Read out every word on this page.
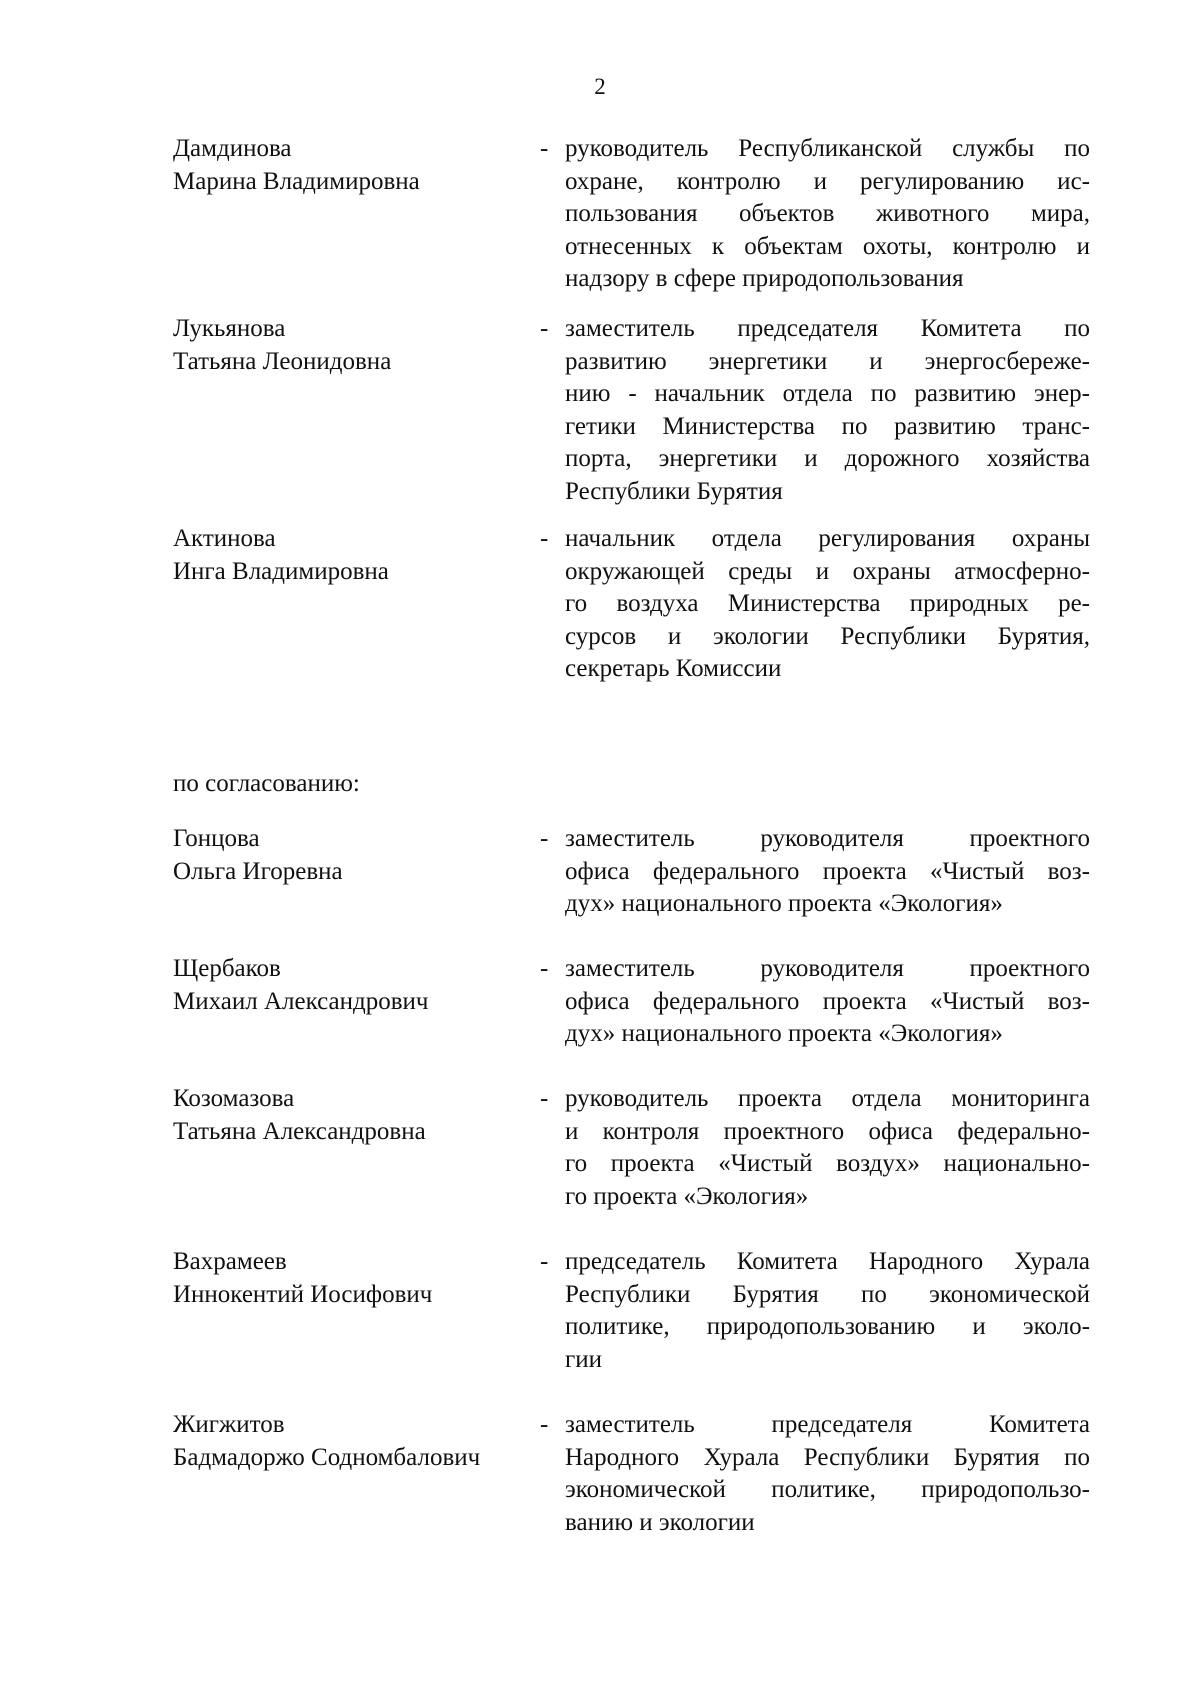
2
Дамдинова
Марина Владимировна
- руководитель Республиканской службы по
охране, контролю и регулированию ис-
пользования объектов животного мира,
отнесенных к объектам охоты, контролю и
надзору в сфере природопользования
Лукьянова
Татьяна Леонидовна
- заместитель председателя Комитета по
развитию энергетики и энергосбереже-
нию - начальник отдела по развитию энер-
гетики Министерства по развитию транс-
порта, энергетики и дорожного хозяйства
Республики Бурятия
Актинова
Инга Владимировна
- начальник отдела регулирования охраны
окружающей среды и охраны атмосферно-
го воздуха Министерства природных ре-
сурсов и экологии Республики Бурятия,
секретарь Комиссии
по согласованию:
Гонцова
Ольга Игоревна
- заместитель руководителя проектного
офиса федерального проекта «Чистый воз-
дух» национального проекта «Экология»
Щербаков
Михаил Александрович
- заместитель руководителя проектного
офиса федерального проекта «Чистый воз-
дух» национального проекта «Экология»
Козомазова
Татьяна Александровна
- руководитель проекта отдела мониторинга
и контроля проектного офиса федерально-
го проекта «Чистый воздух» национально-
го проекта «Экология»
Вахрамеев
Иннокентий Иосифович
- председатель Комитета Народного Хурала
Республики Бурятия по экономической
политике, природопользованию и эколо-
гии
Жигжитов
Бадмадоржо Содномбалович
- заместитель председателя Комитета
Народного Хурала Республики Бурятия по
экономической политике, природопользо-
ванию и экологии
